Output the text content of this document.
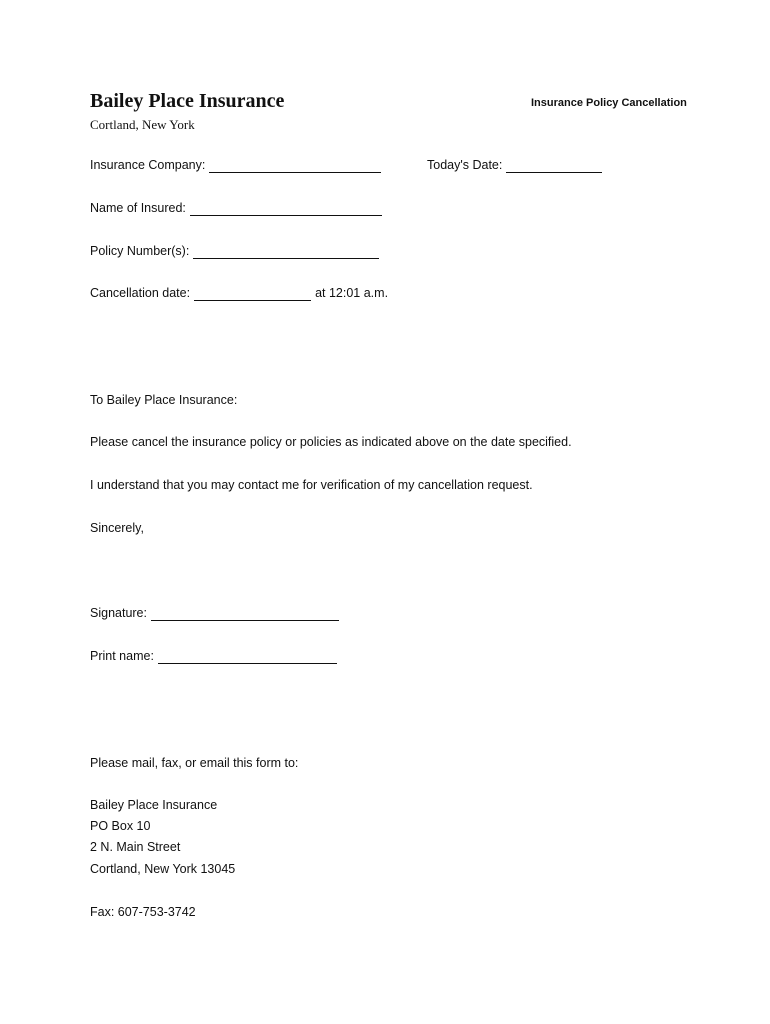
Bailey Place Insurance
Cortland, New York
Insurance Policy Cancellation
Insurance Company:	Today's Date:
Name of Insured:
Policy Number(s):
Cancellation date:	at 12:01 a.m.
To Bailey Place Insurance:
Please cancel the insurance policy or policies as indicated above on the date specified.
I understand that you may contact me for verification of my cancellation request.
Sincerely,
Signature:
Print name:
Please mail, fax, or email this form to:
Bailey Place Insurance
PO Box 10
2 N. Main Street
Cortland, New York 13045
Fax: 607-753-3742
